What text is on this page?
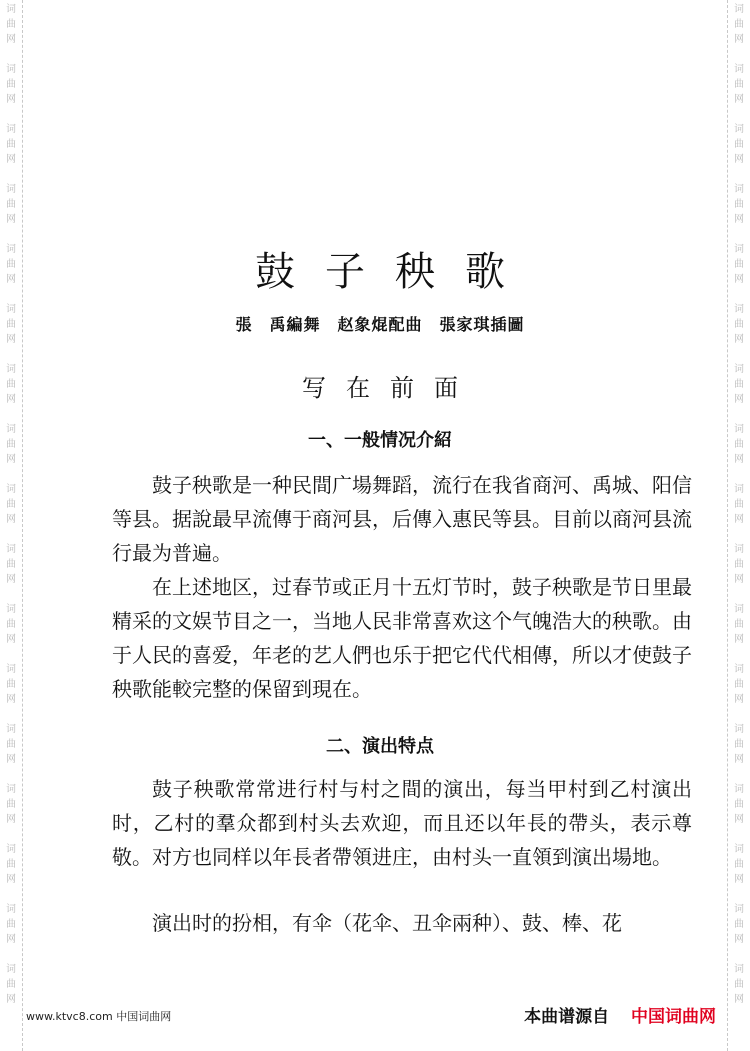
词
曲
网
词
曲
网
词
曲
网
词
曲
网
词
曲
网
词
曲
网
词
曲
网
词
曲
网
词
曲
网
词
曲
网
词
曲
网
词
曲
网
词
曲
网
词
曲
网
词
曲
网
词
曲
网
词
曲
网
词
曲
网
词
曲
网
词
曲
网
词
曲
网
词
曲
网
词
曲
网
词
曲
网
词
曲
网
词
曲
网
词
曲
网
词
曲
网
词
曲
网
词
曲
网
词
曲
网
词
曲
网
词
曲
网
词
曲
网
鼓子秧歌
張　禹編舞　赵象焜配曲　張家琪插圖
写在前面
一、一般情况介紹

鼓子秧歌是一种民間广場舞蹈，流行在我省商河、禹城、阳信等县。据說最早流傳于商河县，后傳入惠民等县。目前以商河县流行最为普遍。

在上述地区，过春节或正月十五灯节时，鼓子秧歌是节日里最精采的文娱节目之一，当地人民非常喜欢这个气魄浩大的秧歌。由于人民的喜爱，年老的艺人們也乐于把它代代相傳，所以才使鼓子秧歌能較完整的保留到現在。

二、演出特点

鼓子秧歌常常进行村与村之間的演出，每当甲村到乙村演出时，乙村的羣众都到村头去欢迎，而且还以年長的帶头，表示尊敬。对方也同样以年長者帶領进庄，由村头一直領到演出場地。

演出时的扮相，有伞（花伞、丑伞兩种）、鼓、棒、花

www.ktvc8.com 中国词曲网	本曲谱源自 中国词曲网
